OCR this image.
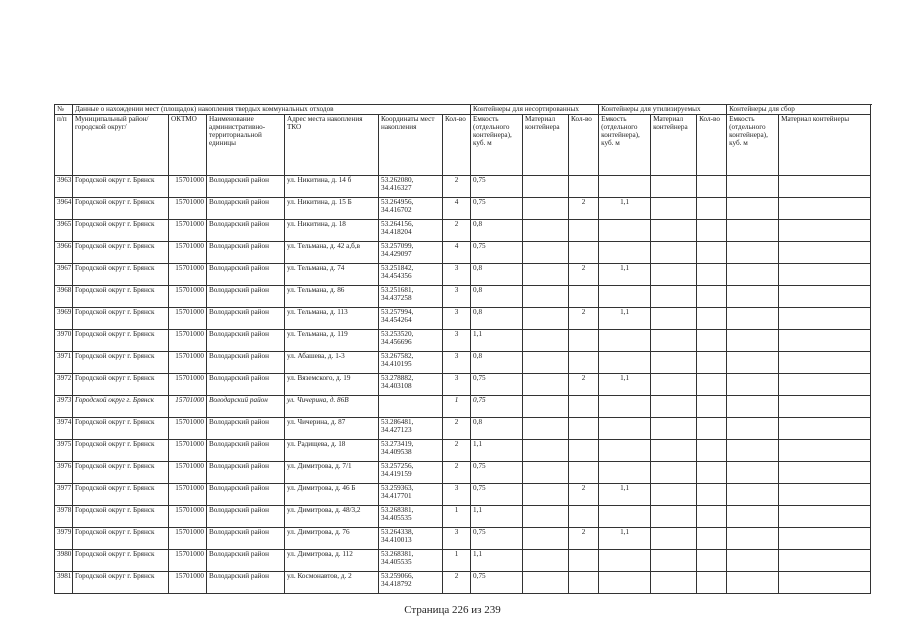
№	Данные о нахождении мест (площадок) накопления твердых коммунальных отходов						Контейнеры для несортированных			Контейнеры для утилизируемых			Контейнеры для сбор	
п/п	Муниципальный район/городской округ/	ОКТМО	Наименование административно-территориальной единицы	Адрес места накопления ТКО	Координаты мест накопления	Кол-во	Емкость (отдельного контейнера), куб. м	Материал контейнера	Кол-во	Емкость (отдельного контейнера), куб. м	Материал контейнера	Кол-во	Емкость (отдельного контейнера), куб. м	Материал контейнеры
3963	Городской округ г. Брянск	15701000	Володарский район	ул. Никитина, д. 14 б	53.262080, 34.416327	2	0,75							
3964	Городской округ г. Брянск	15701000	Володарский район	ул. Никитина, д. 15 Б	53.264956, 34.416702	4	0,75		2	1,1				
3965	Городской округ г. Брянск	15701000	Володарский район	ул. Никитина, д. 18	53.264156, 34.418204	2	0,8							
3966	Городской округ г. Брянск	15701000	Володарский район	ул. Тельмана, д. 42 а,б,в	53.257099, 34.429097	4	0,75							
3967	Городской округ г. Брянск	15701000	Володарский район	ул. Тельмана, д. 74	53.251842, 34.454356	3	0,8		2	1,1				
3968	Городской округ г. Брянск	15701000	Володарский район	ул. Тельмана, д. 86	53.251681, 34.437258	3	0,8							
3969	Городской округ г. Брянск	15701000	Володарский район	ул. Тельмана, д. 113	53.257994, 34.454264	3	0,8		2	1,1				
3970	Городской округ г. Брянск	15701000	Володарский район	ул. Тельмана, д. 119	53.253520, 34.456696	3	1,1							
3971	Городской округ г. Брянск	15701000	Володарский район	ул. Абашева, д. 1-3	53.267582, 34.410195	3	0,8							
3972	Городской округ г. Брянск	15701000	Володарский район	ул. Вяземского, д. 19	53.278882, 34.403108	3	0,75		2	1,1				
3973	Городской округ г. Брянск	15701000	Володарский район	ул. Чичерина, д. 86В		1	0,75							
3974	Городской округ г. Брянск	15701000	Володарский район	ул. Чичерина, д. 87	53.286481, 34.427123	2	0,8							
3975	Городской округ г. Брянск	15701000	Володарский район	ул. Радищева, д. 18	53.273419, 34.409538	2	1,1							
3976	Городской округ г. Брянск	15701000	Володарский район	ул. Димитрова, д. 7/1	53.257256, 34.419159	2	0,75							
3977	Городской округ г. Брянск	15701000	Володарский район	ул. Димитрова, д. 46 Б	53.259363, 34.417701	3	0,75		2	1,1				
3978	Городской округ г. Брянск	15701000	Володарский район	ул. Димитрова, д. 48/3,2	53.268381, 34.405535	1	1,1							
3979	Городской округ г. Брянск	15701000	Володарский район	ул. Димитрова, д. 76	53.264338, 34.410013	3	0,75		2	1,1				
3980	Городской округ г. Брянск	15701000	Володарский район	ул. Димитрова, д. 112	53.268381, 34.405535	1	1,1							
3981	Городской округ г. Брянск	15701000	Володарский район	ул. Космонавтов, д. 2	53.259066, 34.418792	2	0,75							
Страница 226 из 239
